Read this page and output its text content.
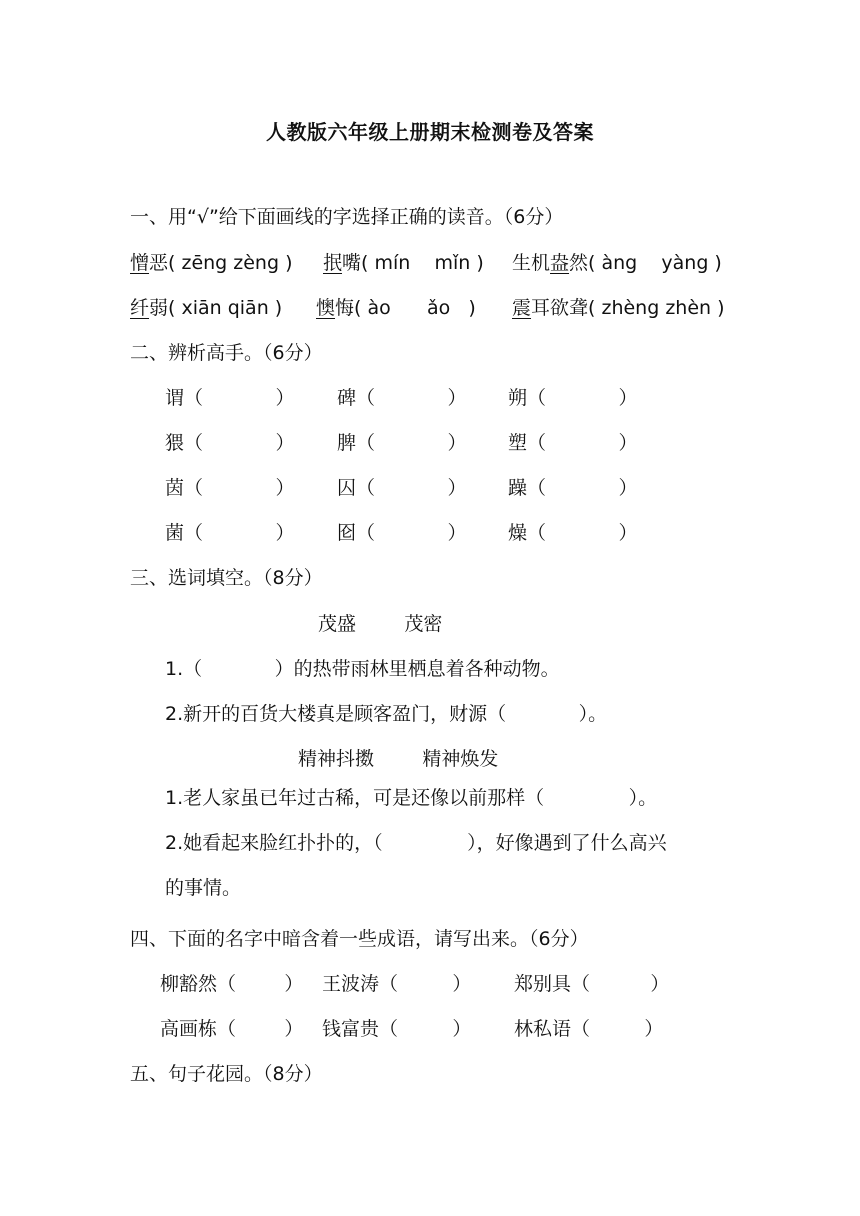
人教版六年级上册期末检测卷及答案
一、用“√”给下面画线的字选择正确的读音。（6分）
憎恶( zēng zèng ) 抿嘴( mín    mǐn ) 生机盎然( àng    yàng )
纤弱( xiān qiān ) 懊悔( ào      ǎo   ) 震耳欲聋( zhèng zhèn )
二、辨析高手。（6分）
谓（            ） 碑（            ） 朔（            ）
猥（            ） 脾（            ） 塑（            ）
茵（            ） 囚（            ） 躁（            ）
菌（            ） 囵（            ） 燥（            ）
三、选词填空。（8分）
茂盛        茂密
1.（            ）的热带雨林里栖息着各种动物。
2.新开的百货大楼真是顾客盈门，财源（            ）。
精神抖擞        精神焕发
1.老人家虽已年过古稀，可是还像以前那样（              ）。
2.她看起来脸红扑扑的，（              ），好像遇到了什么高兴
的事情。
四、下面的名字中暗含着一些成语，请写出来。（6分）
柳豁然（        ） 王波涛（         ） 郑别具（          ）
高画栋（        ） 钱富贵（         ） 林私语（         ）
五、句子花园。（8分）
